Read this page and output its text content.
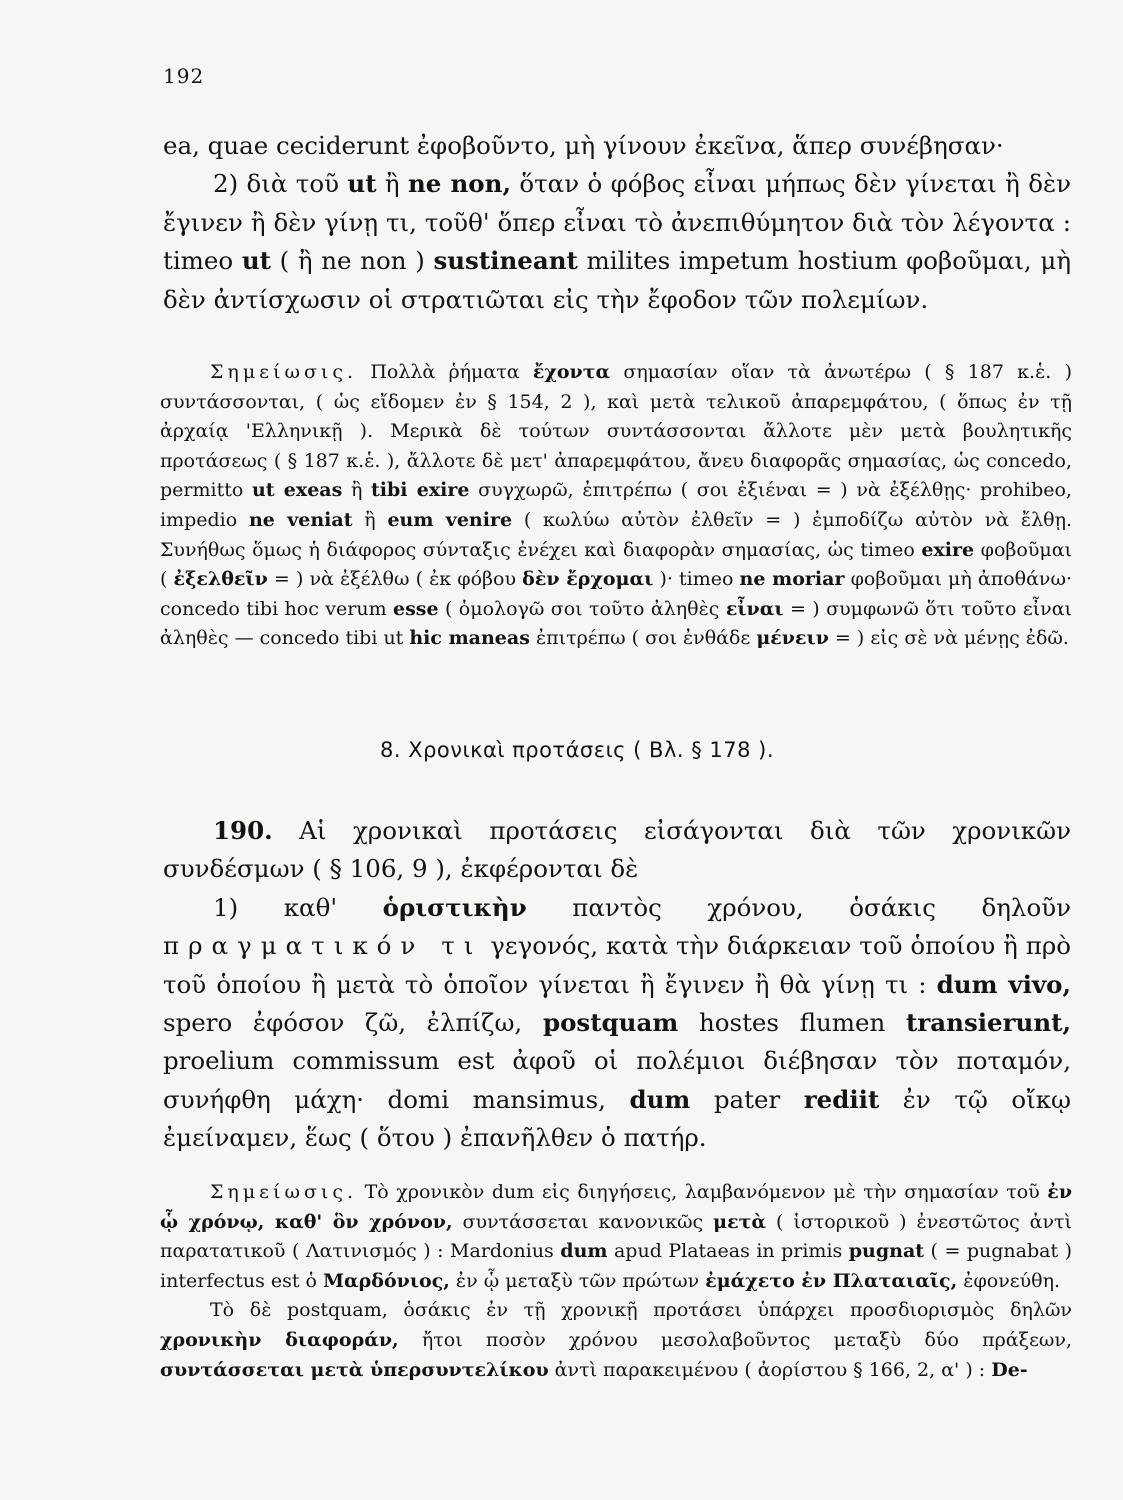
192

ea, quae ceciderunt ἐφοβοῦντο, μὴ γίνουν ἐκεῖνα, ἅπερ συνέβησαν·

2) διὰ τοῦ ut ἢ ne non, ὅταν ὁ φόβος εἶναι μήπως δὲν γίνεται ἢ δὲν ἔγινεν ἢ δὲν γίνῃ τι, τοῦθ' ὅπερ εἶναι τὸ ἀνεπιθύμητον διὰ τὸν λέγοντα : timeo ut ( ἢ ne non ) sustineant milites impetum hostium φοβοῦμαι, μὴ δὲν ἀντίσχωσιν οἱ στρατιῶται εἰς τὴν ἔφοδον τῶν πολεμίων.

Σημείωσις. Πολλὰ ῥήματα ἔχοντα σημασίαν οἵαν τὰ ἀνωτέρω ( § 187 κ.ἑ. ) συντάσσονται, ( ὡς εἴδομεν ἐν § 154, 2 ), καὶ μετὰ τελικοῦ ἀπαρεμφάτου, ( ὅπως ἐν τῇ ἀρχαίᾳ 'Ελληνικῇ ). Μερικὰ δὲ τούτων συντάσσονται ἄλλοτε μὲν μετὰ βουλητικῆς προτάσεως ( § 187 κ.ἑ. ), ἄλλοτε δὲ μετ' ἀπαρεμφάτου, ἄνευ διαφορᾶς σημασίας, ὡς concedo, permitto ut exeas ἢ tibi exire συγχωρῶ, ἐπιτρέπω ( σοι ἐξιέναι = ) νὰ ἐξέλθῃς· prohibeo, impedio ne veniat ἢ eum venire ( κωλύω αὐτὸν ἐλθεῖν = ) ἐμποδίζω αὐτὸν νὰ ἔλθῃ. Συνήθως ὅμως ἡ διάφορος σύνταξις ἐνέχει καὶ διαφορὰν σημασίας, ὡς timeo exire φοβοῦμαι ( ἐξελθεῖν = ) νὰ ἐξέλθω ( ἐκ φόβου δὲν ἔρχομαι )· timeo ne moriar φοβοῦμαι μὴ ἀποθάνω· concedo tibi hoc verum esse ( ὁμολογῶ σοι τοῦτο ἀληθὲς εἶναι = ) συμφωνῶ ὅτι τοῦτο εἶναι ἀληθὲς — concedo tibi ut hic maneas ἐπιτρέπω ( σοι ἐνθάδε μένειν = ) εἰς σὲ νὰ μένῃς ἐδῶ.

8. Χρονικαὶ προτάσεις ( Βλ. § 178 ).

190. Αἱ χρονικαὶ προτάσεις εἰσάγονται διὰ τῶν χρονικῶν συνδέσμων ( § 106, 9 ), ἐκφέρονται δὲ

1) καθ' ὁριστικὴν παντὸς χρόνου, ὁσάκις δηλοῦν πραγματικόν τι γεγονός, κατὰ τὴν διάρκειαν τοῦ ὁποίου ἢ πρὸ τοῦ ὁποίου ἢ μετὰ τὸ ὁποῖον γίνεται ἢ ἔγινεν ἢ θὰ γίνῃ τι : dum vivo, spero ἐφόσον ζῶ, ἐλπίζω, postquam hostes flumen transierunt, proelium commissum est ἀφοῦ οἱ πολέμιοι διέβησαν τὸν ποταμόν, συνήφθη μάχη· domi mansimus, dum pater rediit ἐν τῷ οἴκῳ ἐμείναμεν, ἕως ( ὅτου ) ἐπανῆλθεν ὁ πατήρ.

Σημείωσις. Τὸ χρονικὸν dum εἰς διηγήσεις, λαμβανόμενον μὲ τὴν σημασίαν τοῦ ἐν ᾧ χρόνῳ, καθ' ὃν χρόνον, συντάσσεται κανονικῶς μετὰ ( ἱστορικοῦ ) ἐνεστῶτος ἀντὶ παρατατικοῦ ( Λατινισμός ) : Mardonius dum apud Plataeas in primis pugnat ( = pugnabat ) interfectus est ὁ Μαρδόνιος, ἐν ᾧ μεταξὺ τῶν πρώτων ἐμάχετο ἐν Πλαταιαῖς, ἐφονεύθη.

Τὸ δὲ postquam, ὁσάκις ἐν τῇ χρονικῇ προτάσει ὑπάρχει προσδιορισμὸς δηλῶν χρονικὴν διαφοράν, ἤτοι ποσὸν χρόνου μεσολαβοῦντος μεταξὺ δύο πράξεων, συντάσσεται μετὰ ὑπερσυντελίκου ἀντὶ παρακειμένου ( ἀορίστου § 166, 2, α' ) : De-
